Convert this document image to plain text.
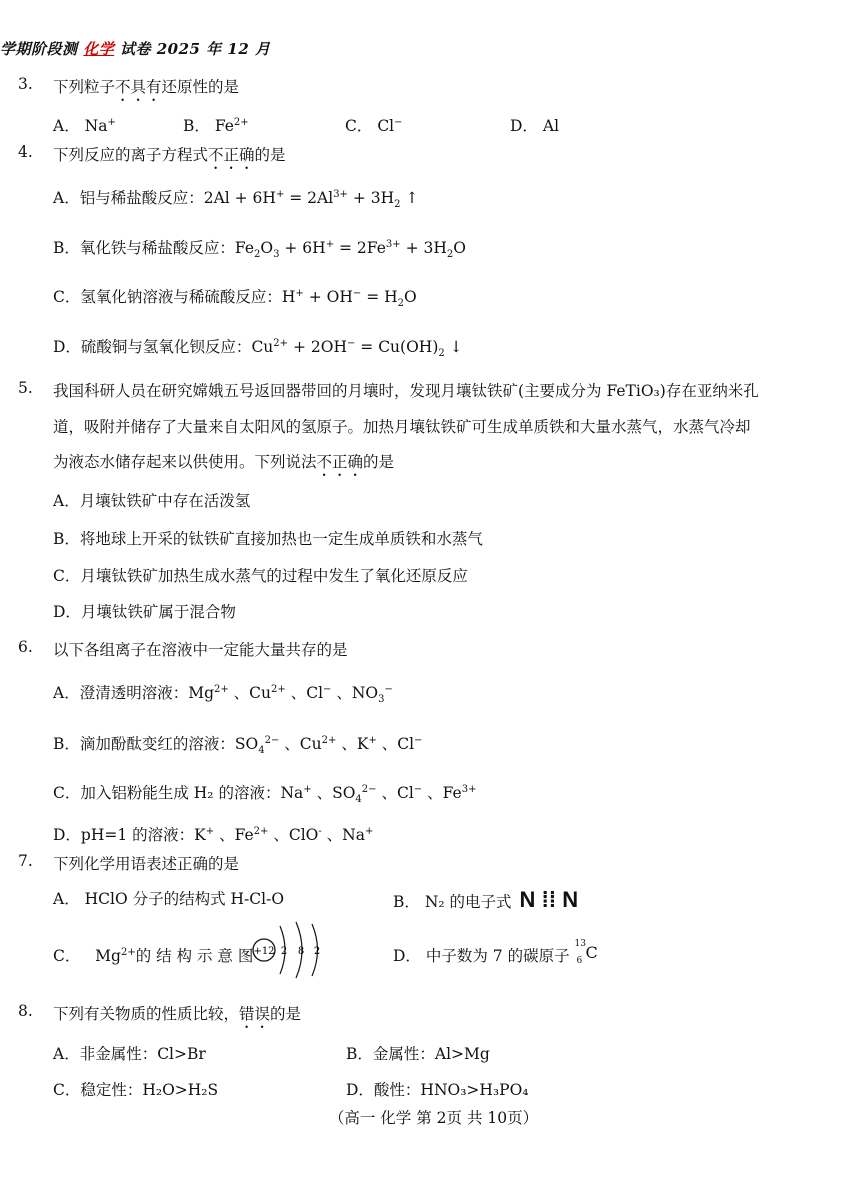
学期阶段测 化学 试卷 2025 年 12 月
3. 下列粒子不具有还原性的是
A． Na+	B． $Fe^{2+}$	C． Cl−	D． Al
4. 下列反应的离子方程式不正确的是
A．铝与稀盐酸反应：$2Al + 6H^+ = 2Al^{3+} + 3H_2$ ↑
B．氧化铁与稀盐酸反应：$Fe_2O_3 + 6H^+ = 2Fe^{3+} + 3H_2O$
C．氢氧化钠溶液与稀硫酸反应：$H^+ + OH^- = H_2O$
D．硫酸铜与氢氧化钡反应：$Cu^{2+} + 2OH^- = Cu(OH)_2$ ↓
5. 我国科研人员在研究嫦娥五号返回器带回的月壤时，发现月壤钛铁矿(主要成分为 FeTiO₃)存在亚纳米孔
道，吸附并储存了大量来自太阳风的氢原子。加热月壤钛铁矿可生成单质铁和大量水蒸气，水蒸气冷却
为液态水储存起来以供使用。下列说法不正确的是
A．月壤钛铁矿中存在活泼氢
B．将地球上开采的钛铁矿直接加热也一定生成单质铁和水蒸气
C．月壤钛铁矿加热生成水蒸气的过程中发生了氧化还原反应
D．月壤钛铁矿属于混合物
6. 以下各组离子在溶液中一定能大量共存的是
A．澄清透明溶液：$Mg^{2+}$ 、$Cu^{2+}$ 、Cl− 、$NO_3^-$
B．滴加酚酞变红的溶液：$SO_4^{2-}$ 、$Cu^{2+}$ 、K+ 、Cl−
C．加入铝粉能生成 H₂ 的溶液：Na+ 、$SO_4^{2-}$ 、Cl− 、$Fe^{3+}$
D．pH=1 的溶液：K+ 、$Fe^{2+}$ 、ClO- 、Na+
7. 下列化学用语表述正确的是
A． HClO 分子的结构式 H-Cl-O	B． N₂ 的电子式 N ⁞⁞ N
C． $Mg^{2+}$的 结 构 示 意 图 +12 2 8 2	D． 中子数为 7 的碳原子
13
6 C
8. 下列有关物质的性质比较，错误的是
A．非金属性：Cl>Br	B．金属性：Al>Mg
C．稳定性：H₂O>H₂S	D．酸性：HNO₃>H₃PO₄
（高一 化学 第 2页 共 10页）
